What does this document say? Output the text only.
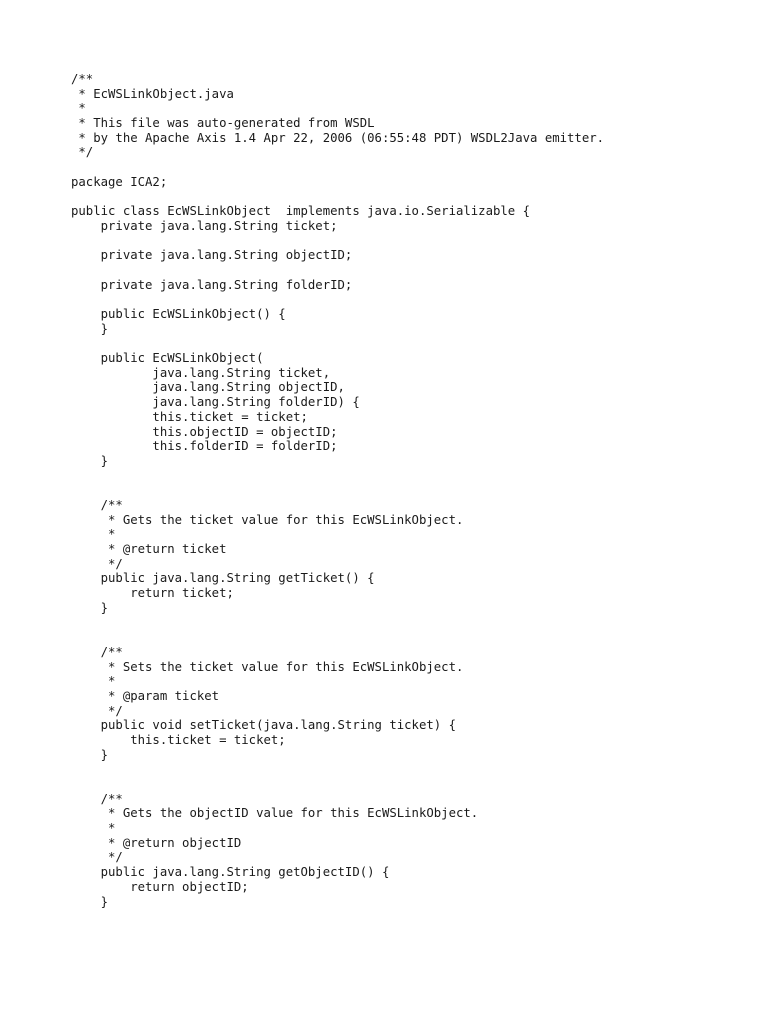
/**
* EcWSLinkObject.java
*
* This file was auto-generated from WSDL
* by the Apache Axis 1.4 Apr 22, 2006 (06:55:48 PDT) WSDL2Java emitter.
*/
package ICA2;
public class EcWSLinkObject  implements java.io.Serializable {
private java.lang.String ticket;
private java.lang.String objectID;
private java.lang.String folderID;
public EcWSLinkObject() {
}
public EcWSLinkObject(
java.lang.String ticket,
java.lang.String objectID,
java.lang.String folderID) {
this.ticket = ticket;
this.objectID = objectID;
this.folderID = folderID;
}
/**
* Gets the ticket value for this EcWSLinkObject.
*
* @return ticket
*/
public java.lang.String getTicket() {
return ticket;
}
/**
* Sets the ticket value for this EcWSLinkObject.
*
* @param ticket
*/
public void setTicket(java.lang.String ticket) {
this.ticket = ticket;
}
/**
* Gets the objectID value for this EcWSLinkObject.
*
* @return objectID
*/
public java.lang.String getObjectID() {
return objectID;
}
